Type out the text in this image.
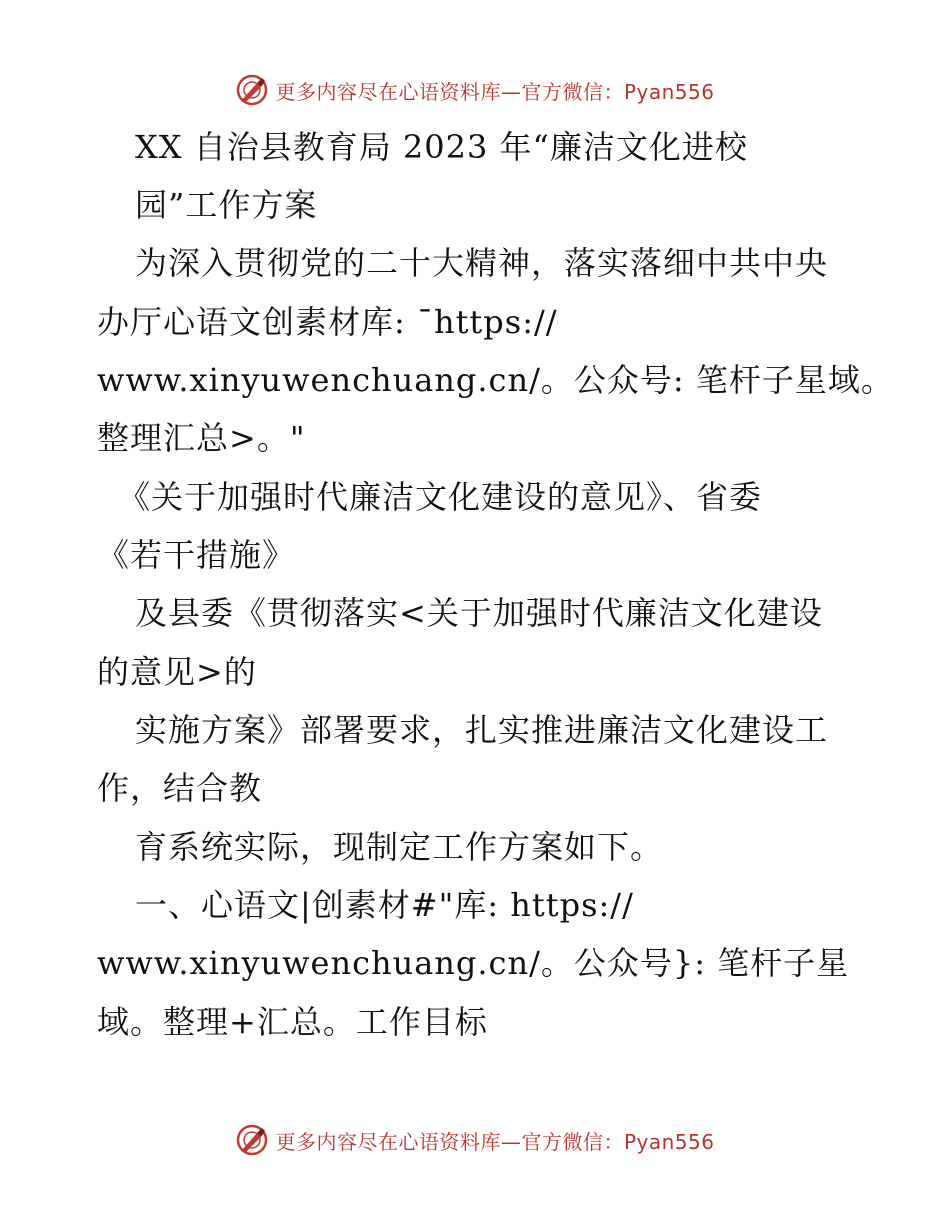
更多内容尽在心语资料库—官方微信：Pyan556

XX 自治县教育局 2023 年“廉洁文化进校

园”工作方案

为深入贯彻党的二十大精神，落实落细中共中央

办厅心语文创素材库: ¯https://

www.xinyuwenchuang.cn/。公众号: 笔杆子星域。

整理汇总>。"

《关于加强时代廉洁文化建设的意见》、省委

《若干措施》

及县委《贯彻落实<关于加强时代廉洁文化建设

的意见>的

实施方案》部署要求，扎实推进廉洁文化建设工

作，结合教

育系统实际，现制定工作方案如下。

一、心语文|创素材#"库: https://

www.xinyuwenchuang.cn/。公众号}: 笔杆子星

域。整理+汇总。工作目标

更多内容尽在心语资料库—官方微信：Pyan556
